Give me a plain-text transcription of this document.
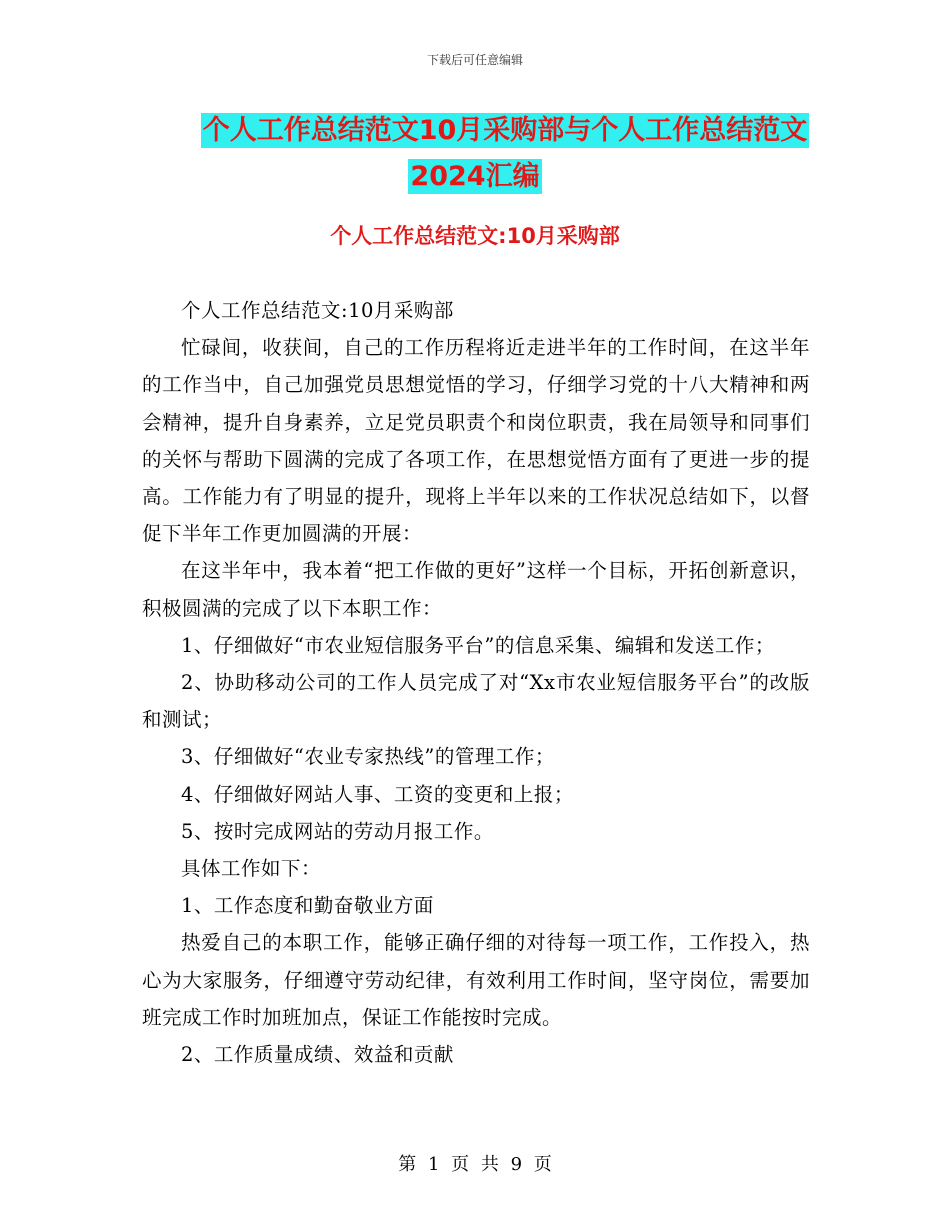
下载后可任意编辑
个人工作总结范文10月采购部与个人工作总结范文
2024汇编
个人工作总结范文:10月采购部

个人工作总结范文:10月采购部

忙碌间，收获间，自己的工作历程将近走进半年的工作时间，在这半年的工作当中，自己加强党员思想觉悟的学习，仔细学习党的十八大精神和两会精神，提升自身素养，立足党员职责个和岗位职责，我在局领导和同事们的关怀与帮助下圆满的完成了各项工作，在思想觉悟方面有了更进一步的提高。工作能力有了明显的提升，现将上半年以来的工作状况总结如下，以督促下半年工作更加圆满的开展：

在这半年中，我本着“把工作做的更好”这样一个目标，开拓创新意识，积极圆满的完成了以下本职工作：

1、仔细做好“市农业短信服务平台”的信息采集、编辑和发送工作；

2、协助移动公司的工作人员完成了对“Xx市农业短信服务平台”的改版和测试；

3、仔细做好“农业专家热线”的管理工作；

4、仔细做好网站人事、工资的变更和上报；

5、按时完成网站的劳动月报工作。

具体工作如下：

1、工作态度和勤奋敬业方面

热爱自己的本职工作，能够正确仔细的对待每一项工作，工作投入，热心为大家服务，仔细遵守劳动纪律，有效利用工作时间，坚守岗位，需要加班完成工作时加班加点，保证工作能按时完成。

2、工作质量成绩、效益和贡献

第 1 页 共 9 页
